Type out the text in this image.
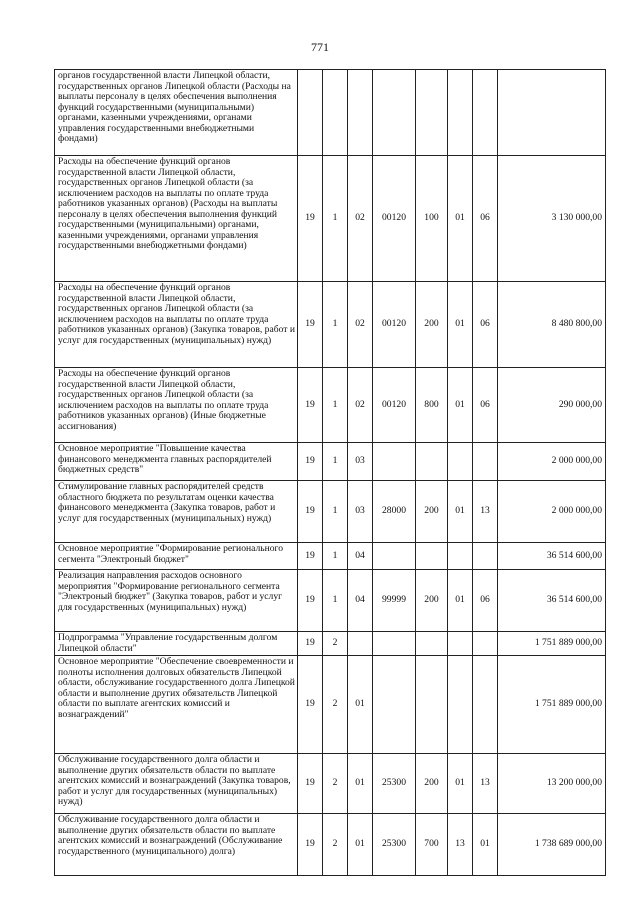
771
органов государственной власти Липецкой области, государственных органов Липецкой области (Расходы на выплаты персоналу в целях обеспечения выполнения функций государственными (муниципальными) органами, казенными учреждениями, органами управления государственными внебюджетными фондами)								
Расходы на обеспечение функций органов государственной власти Липецкой области, государственных органов Липецкой области (за исключением расходов на выплаты по оплате труда работников указанных органов) (Расходы на выплаты персоналу в целях обеспечения выполнения функций государственными (муниципальными) органами, казенными учреждениями, органами управления государственными внебюджетными фондами)	19	1	02	00120	100	01	06	3 130 000,00
Расходы на обеспечение функций органов государственной власти Липецкой области, государственных органов Липецкой области (за исключением расходов на выплаты по оплате труда работников указанных органов) (Закупка товаров, работ и услуг для государственных (муниципальных) нужд)	19	1	02	00120	200	01	06	8 480 800,00
Расходы на обеспечение функций органов государственной власти Липецкой области, государственных органов Липецкой области (за исключением расходов на выплаты по оплате труда работников указанных органов) (Иные бюджетные ассигнования)	19	1	02	00120	800	01	06	290 000,00
Основное мероприятие "Повышение качества финансового менеджмента главных распорядителей бюджетных средств"	19	1	03					2 000 000,00
Стимулирование главных распорядителей средств областного бюджета по результатам оценки качества финансового менеджмента (Закупка товаров, работ и услуг для государственных (муниципальных) нужд)	19	1	03	28000	200	01	13	2 000 000,00
Основное мероприятие "Формирование регионального сегмента "Электроный бюджет"	19	1	04					36 514 600,00
Реализация направления расходов основного мероприятия "Формирование регионального сегмента "Электроный бюджет" (Закупка товаров, работ и услуг для государственных (муниципальных) нужд)	19	1	04	99999	200	01	06	36 514 600,00
Подпрограмма "Управление государственным долгом Липецкой области"	19	2						1 751 889 000,00
Основное мероприятие "Обеспечение своевременности и полноты исполнения долговых обязательств Липецкой области, обслуживание государственного долга Липецкой области и выполнение других обязательств Липецкой области по выплате агентских комиссий и вознаграждений"	19	2	01					1 751 889 000,00
Обслуживание государственного долга области и выполнение других обязательств области по выплате агентских комиссий и вознаграждений (Закупка товаров, работ и услуг для государственных (муниципальных) нужд)	19	2	01	25300	200	01	13	13 200 000,00
Обслуживание государственного долга области и выполнение других обязательств области по выплате агентских комиссий и вознаграждений (Обслуживание государственного (муниципального) долга)	19	2	01	25300	700	13	01	1 738 689 000,00
